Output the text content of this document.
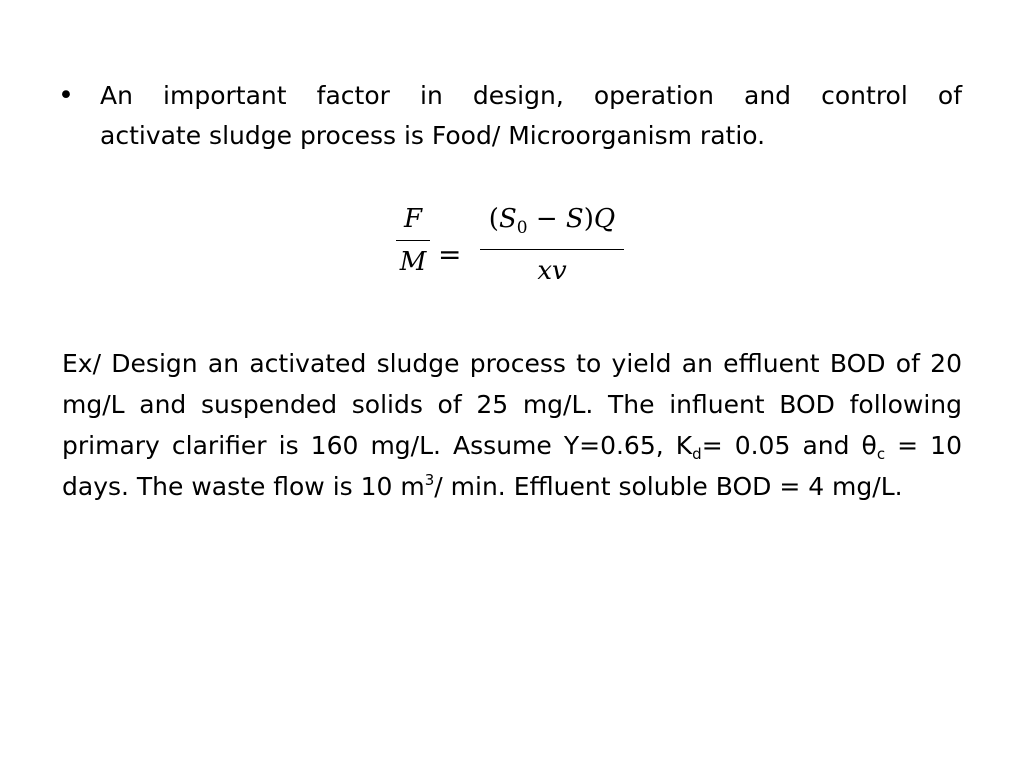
• An important factor in design, operation and control of
activate sludge process is Food/ Microorganism ratio.
F
M =
$(S_0 - S)Q$
xv
Ex/ Design an activated sludge process to yield an effluent BOD of 20 mg/L and suspended solids of 25 mg/L. The influent BOD following primary clarifier is 160 mg/L. Assume Y=0.65, $K_d= 0.05$ and $\theta_c = 10$ days. The waste flow is 10 $m^3/$ min. Effluent soluble BOD = 4 mg/L.
